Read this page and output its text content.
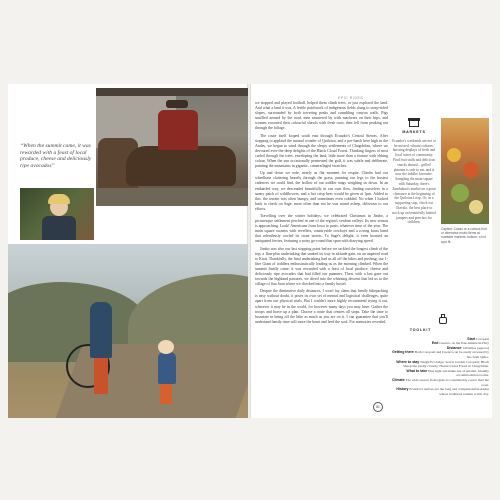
“When the summit came, it was rewarded with a feast of local produce, cheese and deliciously ripe avocados”
EPIC RIDES

we stopped and played football, helped them climb trees, or just explored the land. And what a land it was. A fertile patchwork of indigenous fields clung to steep-sided slopes, surrounded by both towering peaks and crumbling canyon walls. Pigs snuffled around by the road, men sauntered by with machetes on their hips, and women swooned their colourful shawls with fresh corn, then fell from peaking out through the foliage.

The route itself looped south east through Ecuador's Central Sierras. After stopping to applaud the natural wonder of Quilotoa, and a pre-lunch beer high in the Andes, we began to wind through the sleepy settlements of Chugchilan, where we devoured ever-the-deep delights of the Black Cloud Forest. Thinking fingers of mist curled through the trees, enveloping the land, little more than a feature with ebbing colour. When the sun occasionally permeated the gulf, it was subtle and deliberate, painting the mountains in gigantic, cameraflaged swatches.

Up and down we rode, nearly as flat moment for respite. Climbs had our wheelbase clattering heavily through the grass; panning our legs to the busiest cadences we could find, the hollow of our toddler sings weighing us down. In an embattled way, we descended beautifully in our own flow, finding ourselves in a sunny patch of wildflowers, and a hot crisp beer would be given at 1pm. Added to this, the terrain was often bumpy, and sometimes even cobbled. No when I looked back to check on Sage, more often than not he was sound asleep, oblivious to our efforts.

Travelling over the winter holidays, we celebrated Christmas in Jimbo, a picturesque settlement perched in one of the region's verdant valleys. Its new season is approaching. Look! Americans from Iowa to paris; whatever time of the year. The main square swarms with revellers, countryside cowboys and a roving brass band that relentlessly circled its stone streets. To Sage's delight, it even boasted an antiquated ferries, featuring a noisy go-round that spun with dizzying speed.

Jimbo was also our last stopping point before we tackled the longest climb of the trip, a 1km-plus undertaking that snaked its way in altitude gain, on an unpaved road to Kirai. Thankfully, the final undertaking had us all off the bikes and pushing; our 1-litre Giant of toddlers enthusiastically leading us as the morning climbed. When the summit finally came, it was rewarded with a feast of local produce, cheese and deliciously ripe avocados that had filled our panniers. Then, with a last gaze out towards the highland pastures, we dived into the whizzing descent that led us to the village of San Juan where we checked into a family hostel.

Despite the diminutive daily distances, I won't lay claim that family bikepacking is easy without doubt, it poses its own set of mental and logistical challenges, quite apart from our physical trials. But I couldn't more highly recommend trying it out, wherever it may be in the world, for however many days you may have. Gather the troops and brave up a plan. Choose a route that centres all stops. Take the time to luxuriate in being off the bike as much as you are on it. I can guarantee that you'll undertand family time will more the heart and feed the soul. For memories revealed.

MARKETS
Ecuador's weekends are not to be missed: vibrant cultures, bursting displays of fresh and local wares of community. Find fruit stalls and delicious snacks aboard – grilled plantain is safe to eat, and is now the toddler favourite. Sampling the main square with Saturday, there's Zumbahua's market on a great clearance at the beginning of the Quilotoa Loop. Or, as a supporting stop, check out Otavalo, the best place to stock up on beautifully knitted jumpers and ponchos for children.
Caption: Cacao or a curious fruit or otherwise exotic items at roadside markets; bottom: a hot spot fit.
81
TOOLKIT
Start Cotopaxi
End Cuenca, on the Pan-American Hwy
Distance 140 miles (approx)
Getting there Both Cotopaxi and Cuenca can be easily accessed by bus from Quito.
Where to stay Tinigil Ecolodge; Secret Garden Cotopaxi; Black Sheep Inn (sadly closed); Hostal Cloud Forest in Chugchilan.
What to take Plus light and make use of smaller, friendly accommodation rooms.
Climate The wide season from Quito is considerably cooler than the coast.
History Ecuador's natives are the long and companionable Andes whose traditions remain to this day.
